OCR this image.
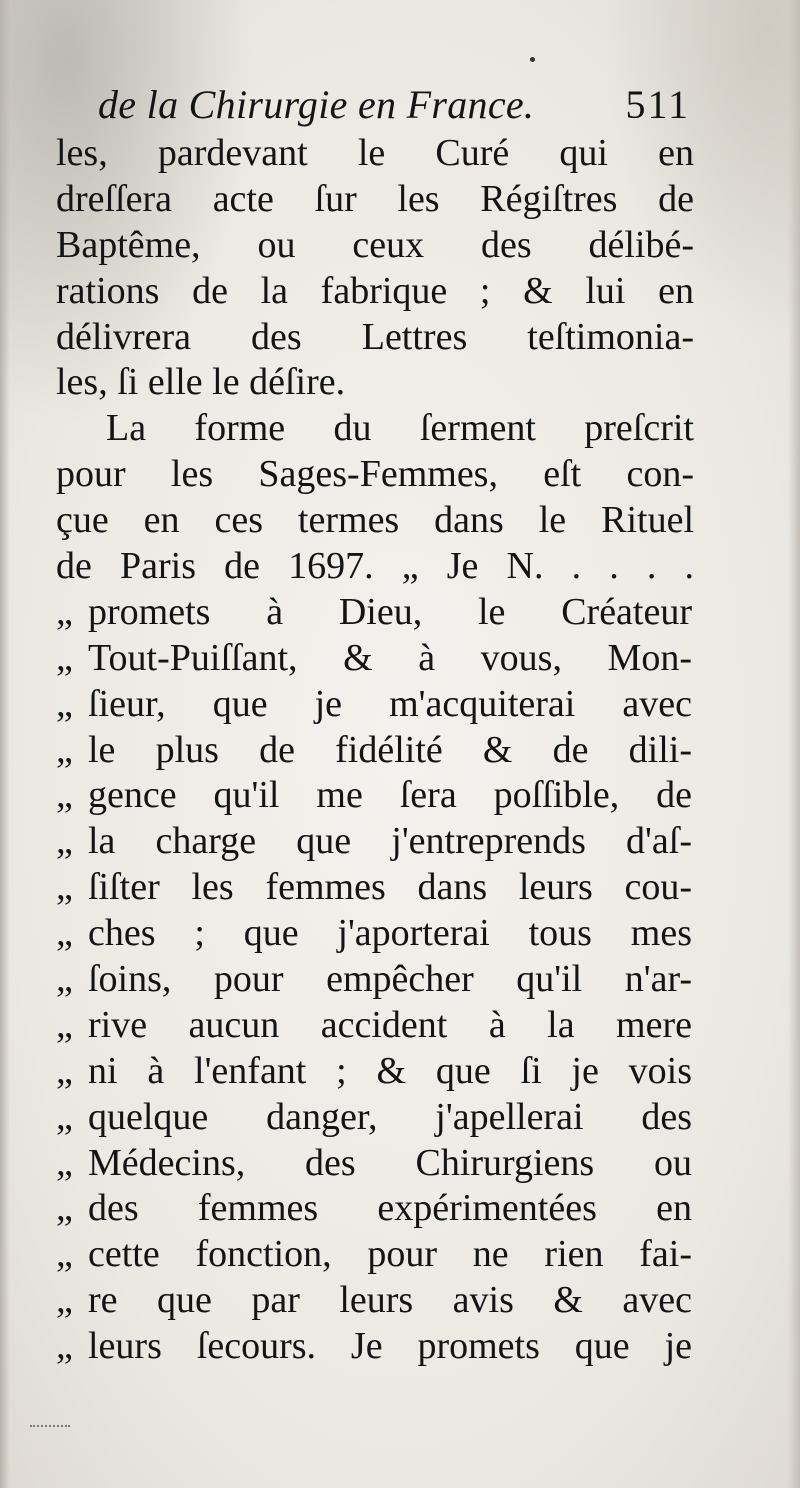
de la Chirurgie en France. 511
les, pardevant le Curé qui en
dreſſera acte ſur les Régiſtres de
Baptême, ou ceux des délibé-
rations de la fabrique ; & lui en
délivrera des Lettres teſtimonia-
les, ſi elle le déſire.
La forme du ſerment preſcrit
pour les Sages-Femmes, eſt con-
çue en ces termes dans le Rituel
de Paris de 1697. „ Je N. . . . .
„ promets à Dieu, le Créateur
„ Tout-Puiſſant, & à vous, Mon-
„ ſieur, que je m'acquiterai avec
„ le plus de fidélité & de dili-
„ gence qu'il me ſera poſſible, de
„ la charge que j'entreprends d'aſ-
„ ſiſter les femmes dans leurs cou-
„ ches ; que j'aporterai tous mes
„ ſoins, pour empêcher qu'il n'ar-
„ rive aucun accident à la mere
„ ni à l'enfant ; & que ſi je vois
„ quelque danger, j'apellerai des
„ Médecins, des Chirurgiens ou
„ des femmes expérimentées en
„ cette fonction, pour ne rien fai-
„ re que par leurs avis & avec
„ leurs ſecours. Je promets que je
